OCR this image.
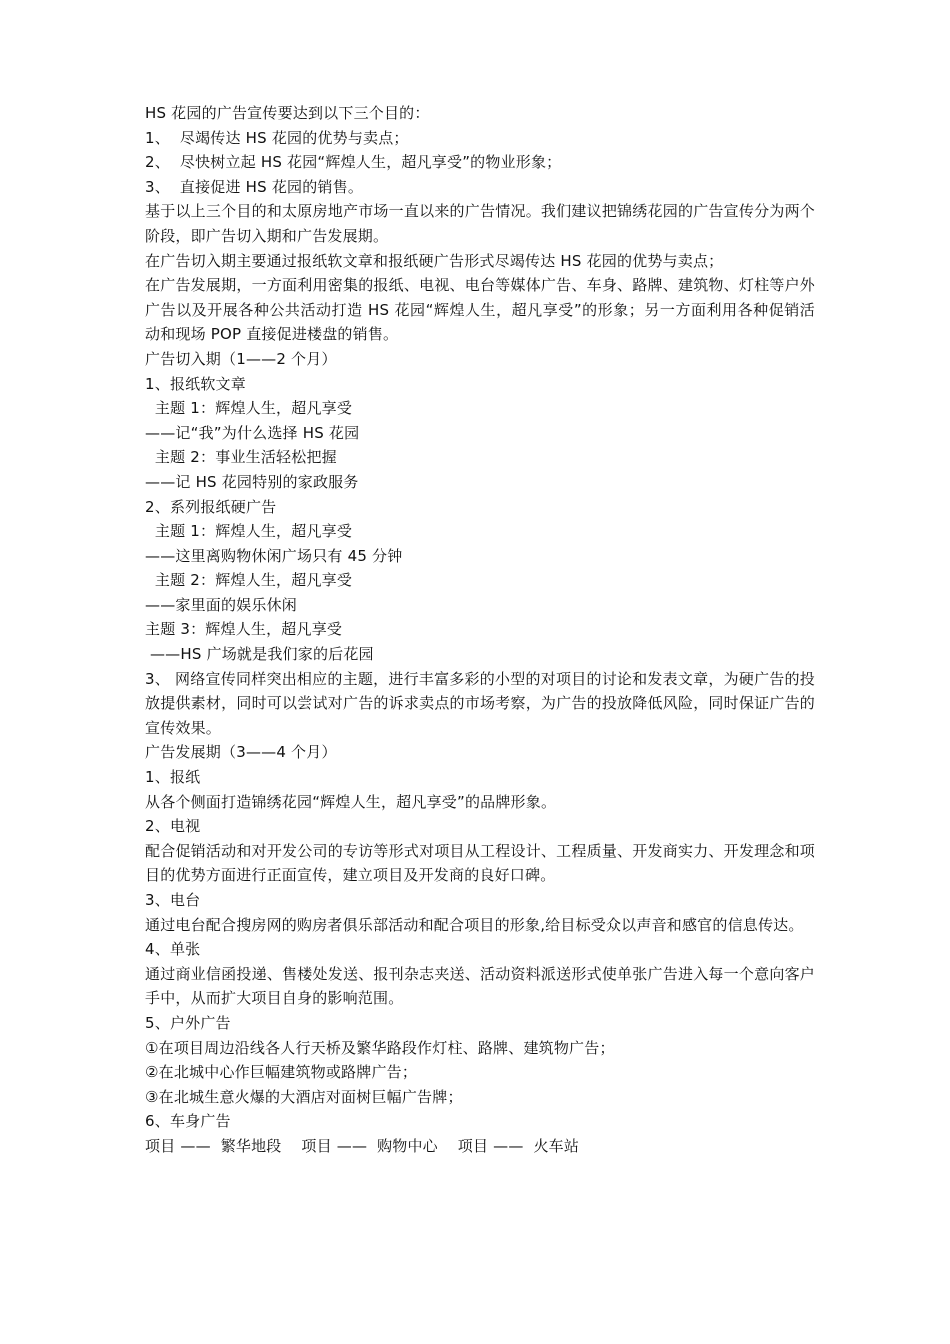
HS 花园的广告宣传要达到以下三个目的：
1、  尽竭传达 HS 花园的优势与卖点；
2、  尽快树立起 HS 花园“辉煌人生，超凡享受”的物业形象；
3、  直接促进 HS 花园的销售。
基于以上三个目的和太原房地产市场一直以来的广告情况。我们建议把锦绣花园的广告宣传分为两个阶段，即广告切入期和广告发展期。
在广告切入期主要通过报纸软文章和报纸硬广告形式尽竭传达 HS 花园的优势与卖点；
在广告发展期，一方面利用密集的报纸、电视、电台等媒体广告、车身、路牌、建筑物、灯柱等户外广告以及开展各种公共活动打造 HS 花园“辉煌人生，超凡享受”的形象；另一方面利用各种促销活动和现场 POP 直接促进楼盘的销售。
广告切入期（1——2 个月）
1、报纸软文章
主题 1：辉煌人生，超凡享受
——记“我”为什么选择 HS 花园
主题 2：事业生活轻松把握
——记 HS 花园特别的家政服务
2、系列报纸硬广告
主题 1：辉煌人生，超凡享受
——这里离购物休闲广场只有 45 分钟
主题 2：辉煌人生，超凡享受
——家里面的娱乐休闲
主题 3：辉煌人生，超凡享受
——HS 广场就是我们家的后花园
3、 网络宣传同样突出相应的主题，进行丰富多彩的小型的对项目的讨论和发表文章，为硬广告的投放提供素材，同时可以尝试对广告的诉求卖点的市场考察，为广告的投放降低风险，同时保证广告的宣传效果。
广告发展期（3——4 个月）
1、报纸
从各个侧面打造锦绣花园“辉煌人生，超凡享受”的品牌形象。
2、电视
配合促销活动和对开发公司的专访等形式对项目从工程设计、工程质量、开发商实力、开发理念和项目的优势方面进行正面宣传，建立项目及开发商的良好口碑。
3、电台
通过电台配合搜房网的购房者俱乐部活动和配合项目的形象,给目标受众以声音和感官的信息传达。
4、单张
通过商业信函投递、售楼处发送、报刊杂志夹送、活动资料派送形式使单张广告进入每一个意向客户手中，从而扩大项目自身的影响范围。
5、户外广告
①在项目周边沿线各人行天桥及繁华路段作灯柱、路牌、建筑物广告；
②在北城中心作巨幅建筑物或路牌广告；
③在北城生意火爆的大酒店对面树巨幅广告牌；
6、车身广告
项目 ——  繁华地段    项目 ——  购物中心    项目 ——  火车站
